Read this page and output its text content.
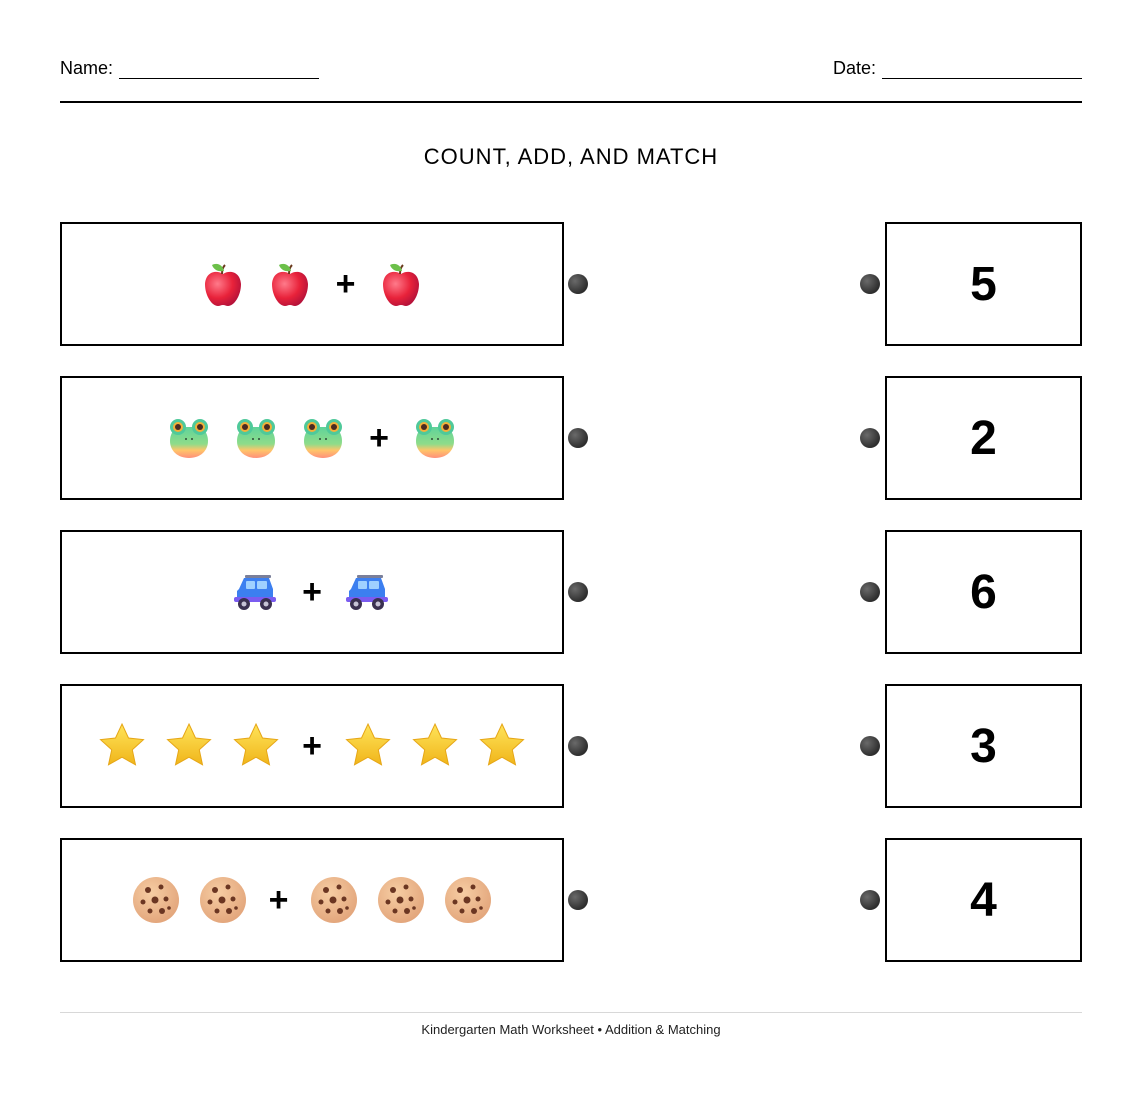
Name:	Date:
COUNT, ADD, AND MATCH
+	5
+	2
+	6
+	3
+	4
Kindergarten Math Worksheet • Addition & Matching
